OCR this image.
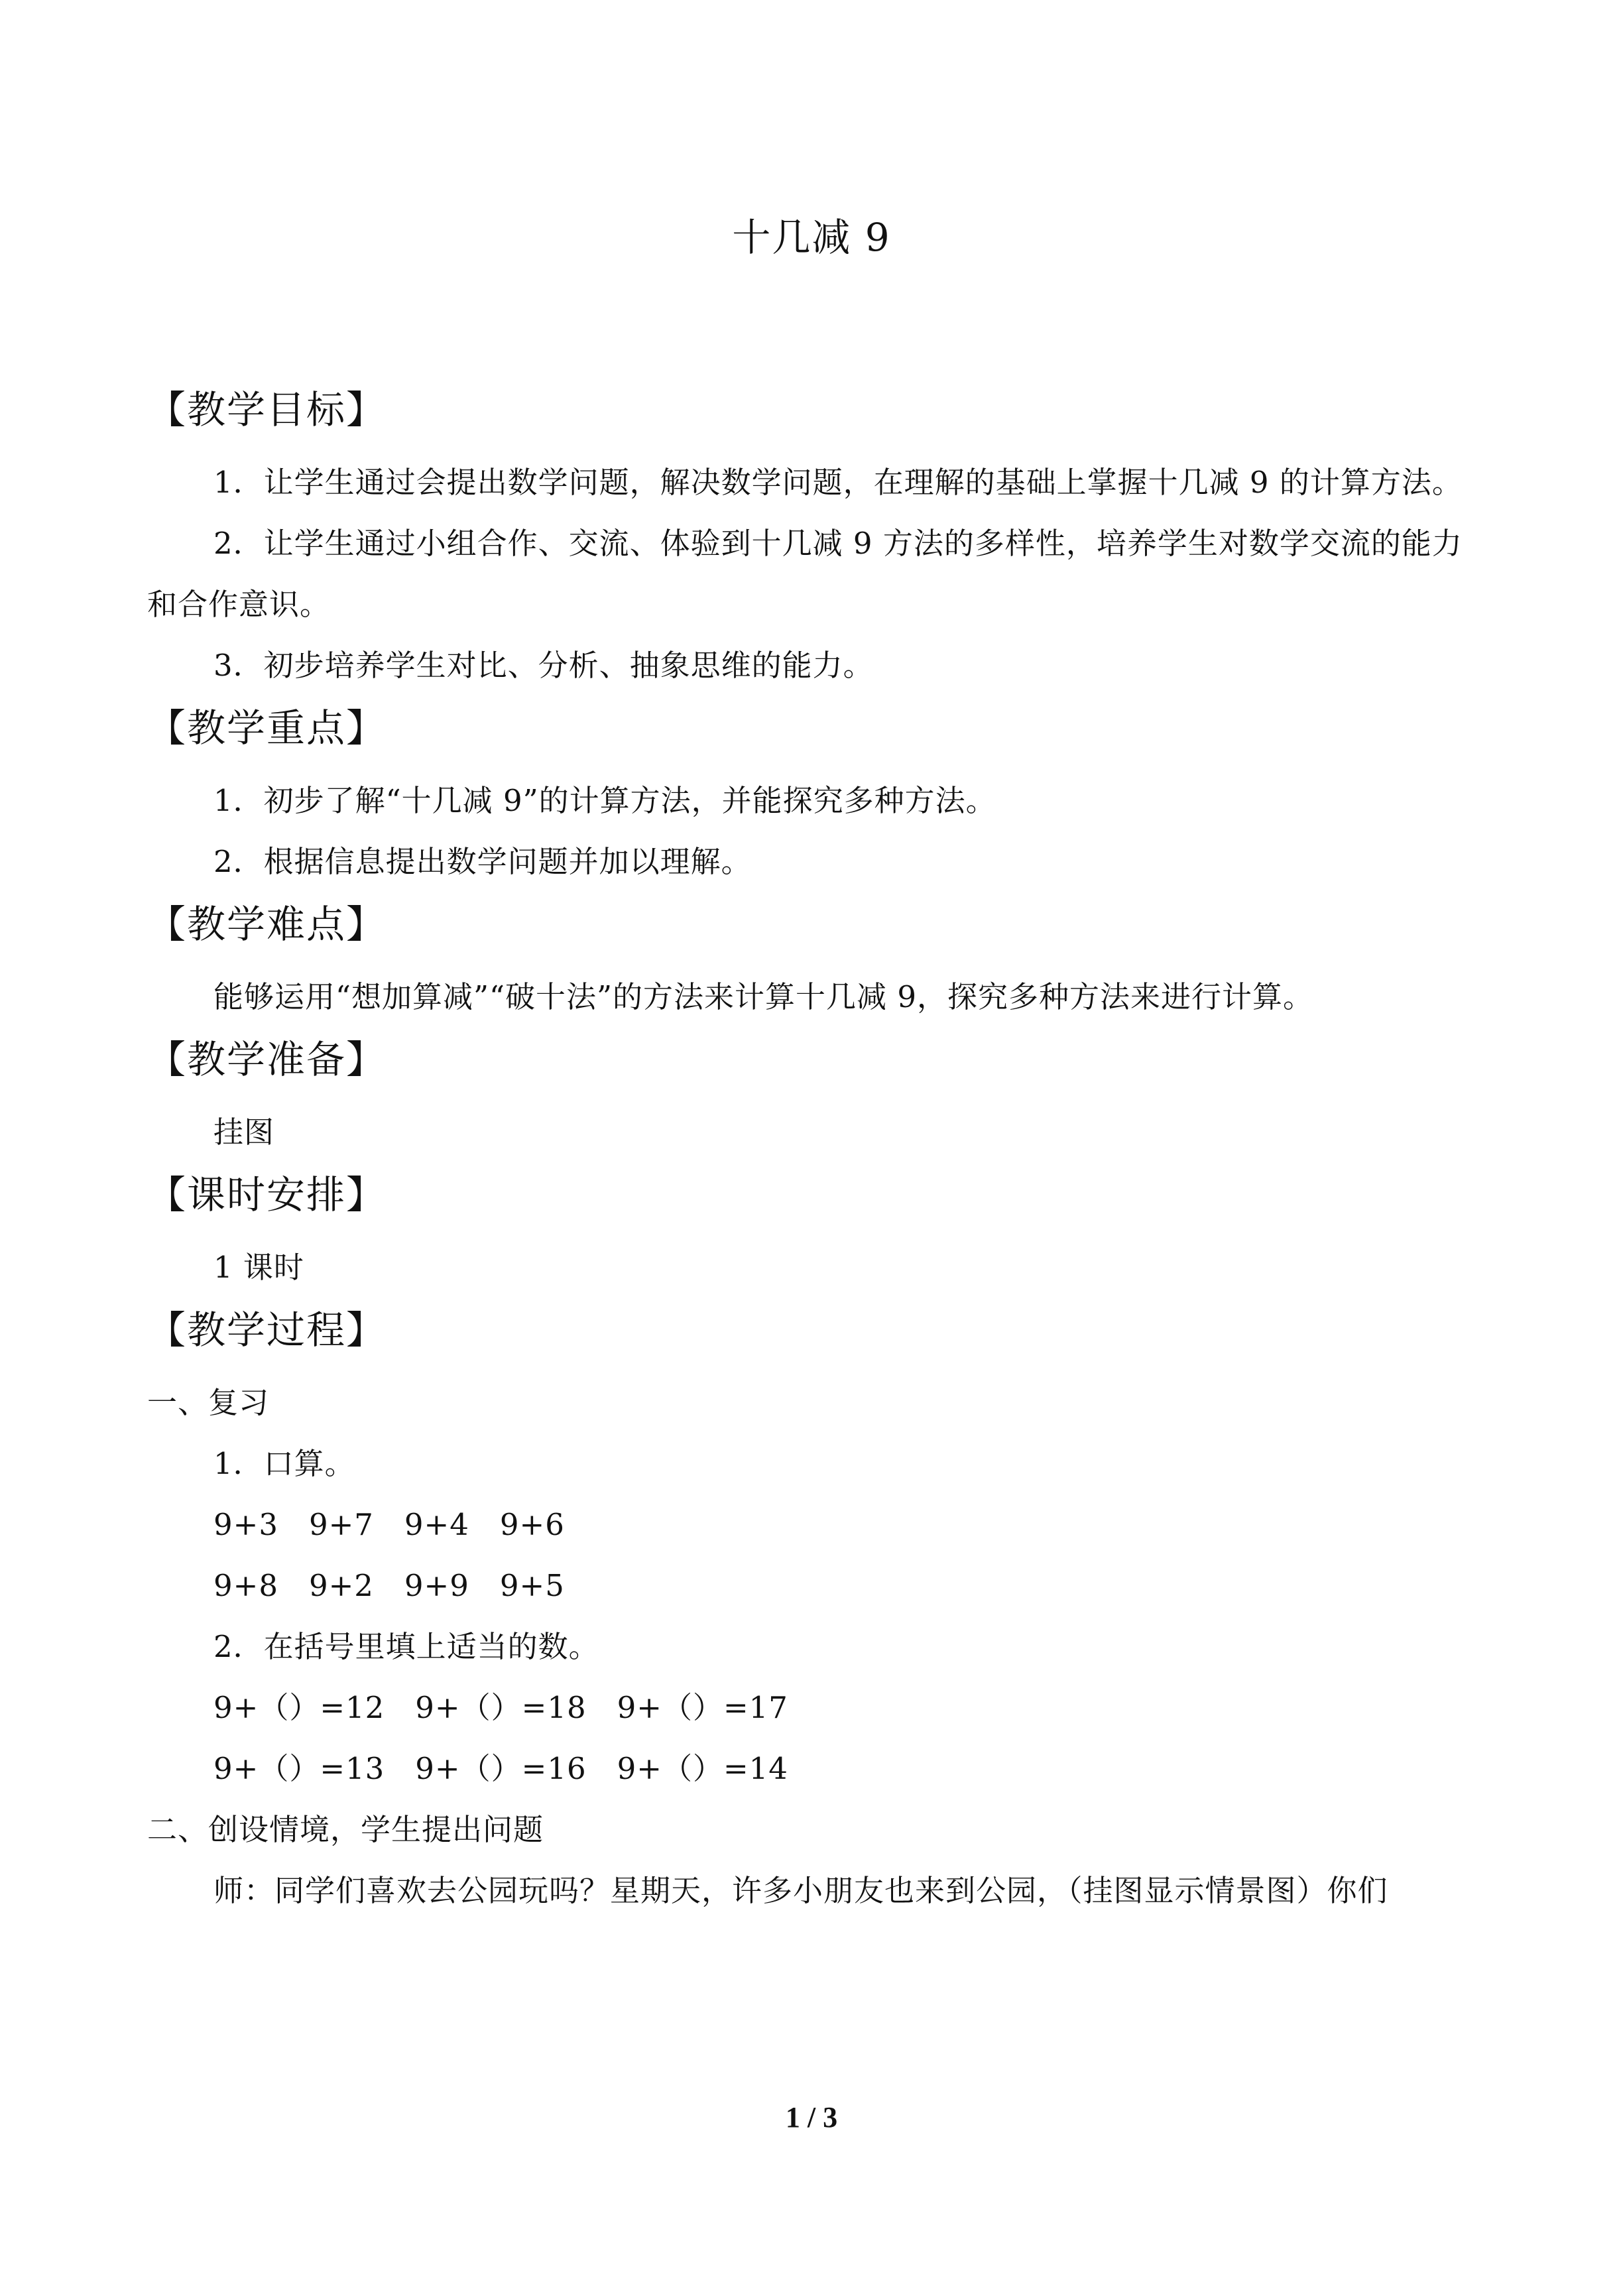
十几减 9
【教学目标】

1．让学生通过会提出数学问题，解决数学问题，在理解的基础上掌握十几减 9 的计算方法。

2．让学生通过小组合作、交流、体验到十几减 9 方法的多样性，培养学生对数学交流的能力和合作意识。

3．初步培养学生对比、分析、抽象思维的能力。

【教学重点】

1．初步了解“十几减 9”的计算方法，并能探究多种方法。

2．根据信息提出数学问题并加以理解。

【教学难点】

能够运用“想加算减”“破十法”的方法来计算十几减 9，探究多种方法来进行计算。

【教学准备】

挂图

【课时安排】

1 课时

【教学过程】

一、复习

1．口算。

9+3　9+7　9+4　9+6

9+8　9+2　9+9　9+5

2．在括号里填上适当的数。

9+（）=12　9+（）=18　9+（）=17

9+（）=13　9+（）=16　9+（）=14

二、创设情境，学生提出问题

师：同学们喜欢去公园玩吗？星期天，许多小朋友也来到公园，（挂图显示情景图）你们

1 / 3
